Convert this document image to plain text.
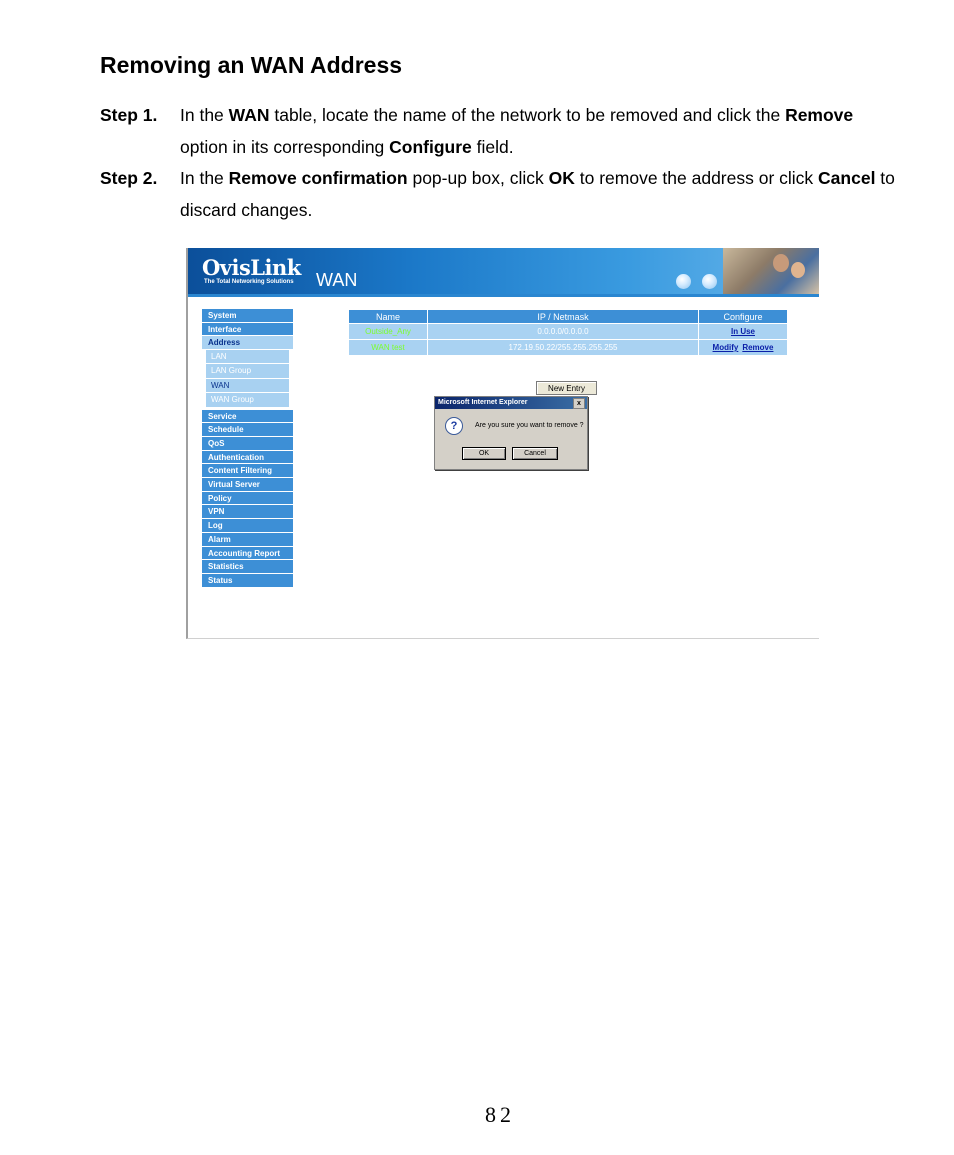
Removing an WAN Address
Step 1. In the WAN table, locate the name of the network to be removed and click the Remove option in its corresponding Configure field.
Step 2. In the Remove confirmation pop-up box, click OK to remove the address or click Cancel to discard changes.
OvisLink
The Total Networking Solutions WAN
System
Interface
Address
LAN
LAN Group
WAN
WAN Group
Service
Schedule
QoS
Authentication
Content Filtering
Virtual Server
Policy
VPN
Log
Alarm
Accounting Report
Statistics
Status
Name	IP / Netmask	Configure
Outside_Any	0.0.0.0/0.0.0.0	In Use
WAN test	172.19.50.22/255.255.255.255	Modify Remove
New Entry
Microsoft Internet Explorer	x
?	Are you sure you want to remove ?
OK	Cancel
82
